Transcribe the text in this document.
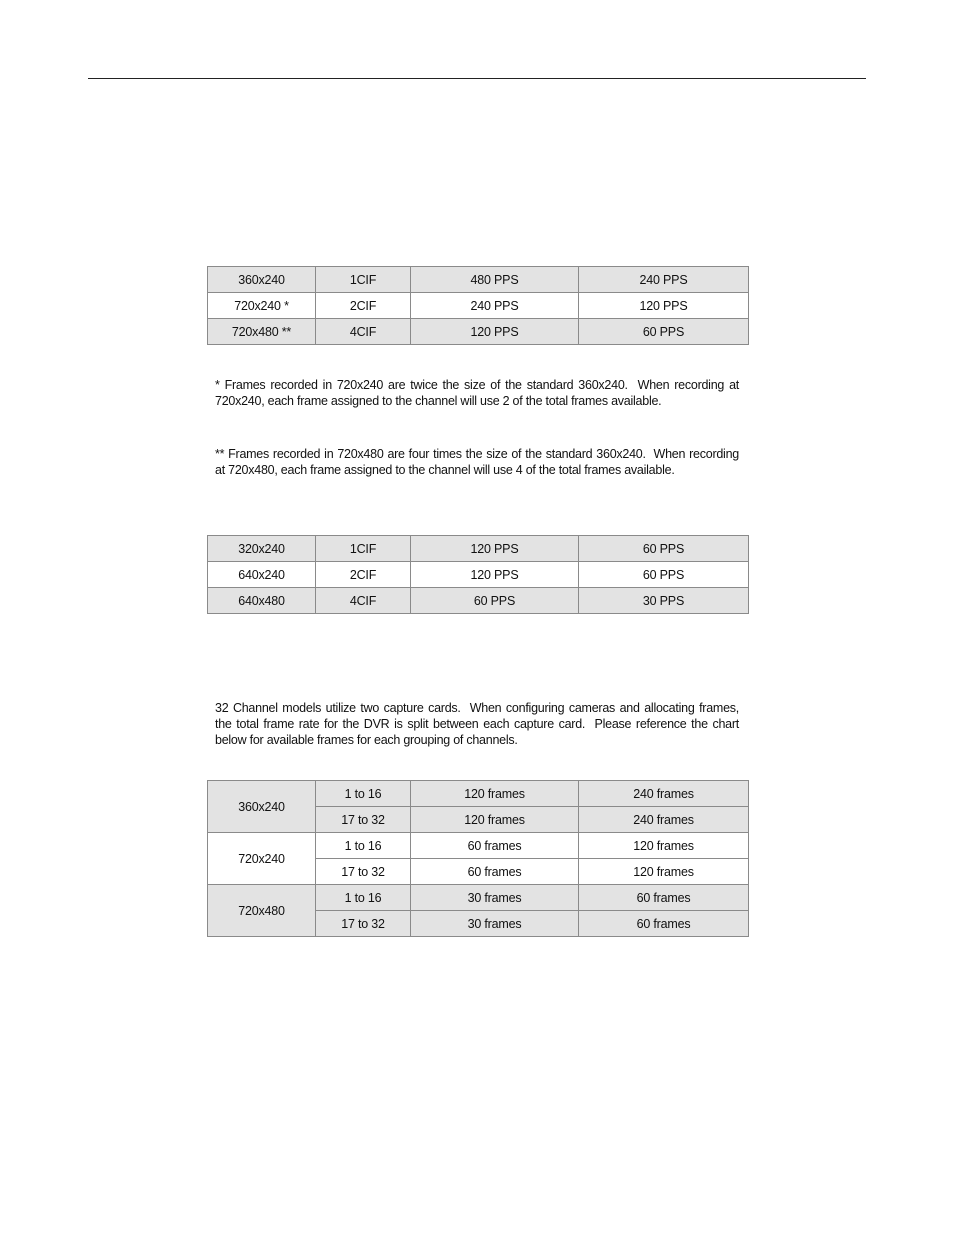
360x240	1CIF	480 PPS	240 PPS
720x240 *	2CIF	240 PPS	120 PPS
720x480 **	4CIF	120 PPS	60 PPS

* Frames recorded in 720x240 are twice the size of the standard 360x240.  When recording at 720x240, each frame assigned to the channel will use 2 of the total frames available.

** Frames recorded in 720x480 are four times the size of the standard 360x240.  When recording at 720x480, each frame assigned to the channel will use 4 of the total frames available.

320x240	1CIF	120 PPS	60 PPS
640x240	2CIF	120 PPS	60 PPS
640x480	4CIF	60 PPS	30 PPS

32 Channel models utilize two capture cards.  When configuring cameras and allocating frames, the total frame rate for the DVR is split between each capture card.  Please reference the chart below for available frames for each grouping of channels.

360x240	1 to 16	120 frames	240 frames
	17 to 32	120 frames	240 frames
720x240	1 to 16	60 frames	120 frames
	17 to 32	60 frames	120 frames
720x480	1 to 16	30 frames	60 frames
	17 to 32	30 frames	60 frames
